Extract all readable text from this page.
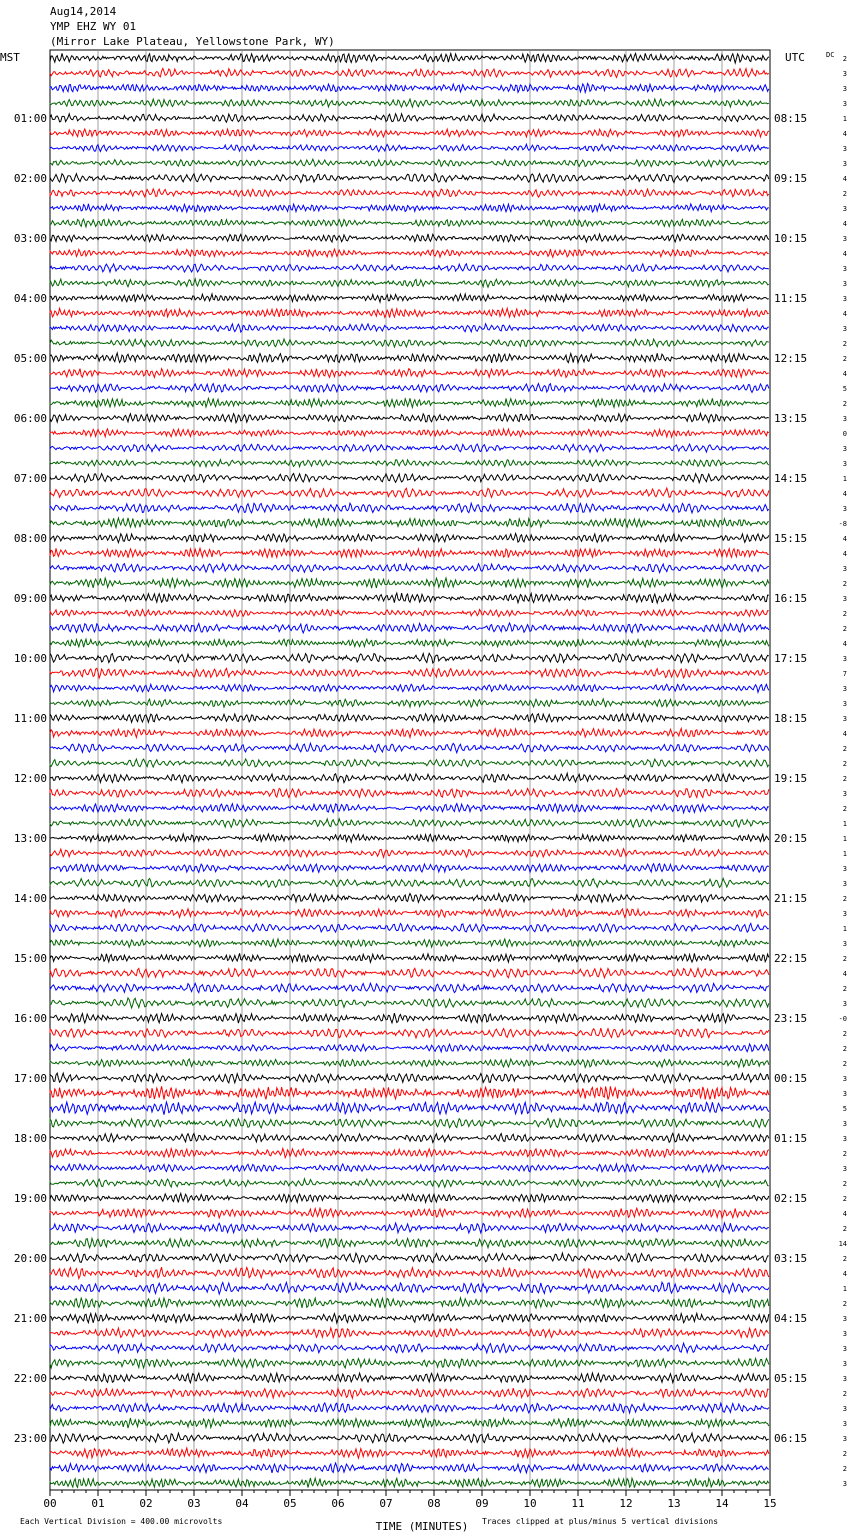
Aug14,2014
YMP EHZ WY 01
(Mirror Lake Plateau, Yellowstone Park, WY)
MST	UTC	DC
01:00
02:00
03:00
04:00
05:00
06:00
07:00
08:00
09:00
10:00
11:00
12:00
13:00
14:00
15:00
16:00
17:00
18:00
19:00
20:00
21:00
22:00
23:00
08:15
09:15
10:15
11:15
12:15
13:15
14:15
15:15
16:15
17:15
18:15
19:15
20:15
21:15
22:15
23:15
00:15
01:15
02:15
03:15
04:15
05:15
06:15
2
3
3
3
1
4
3
3
4
2
3
4
3
4
3
3
3
4
3
2
2
4
5
2
3
0
3
3
1
4
3
-8
4
4
3
2
3
2
2
4
3
7
3
3
3
4
2
2
2
3
2
1
1
1
3
3
2
3
1
3
2
4
2
3
-0
2
2
2
3
3
5
3
3
2
3
2
2
4
2
14
2
4
1
2
3
3
3
3
3
2
3
3
3
2
2
3
00	01	02	03	04	05	06	07	08	09	10	11	12	13	14	15
TIME (MINUTES)
Each Vertical Division = 400.00 microvolts	Traces clipped at plus/minus 5 vertical divisions
